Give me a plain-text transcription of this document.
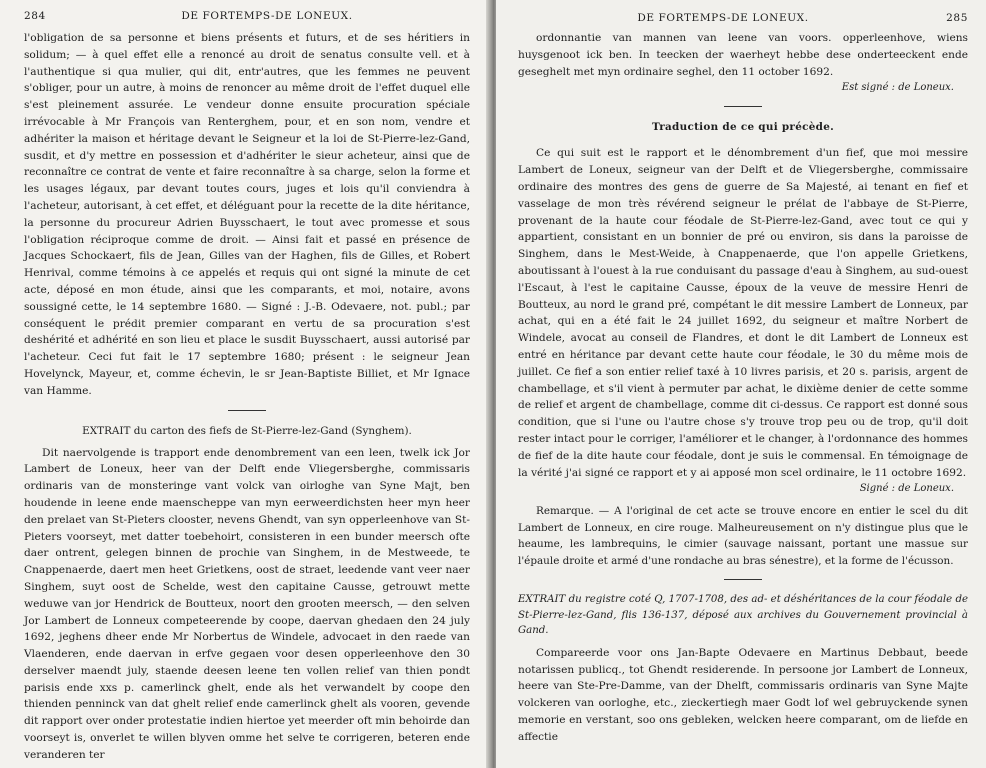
284	DE FORTEMPS-DE LONEUX.

l'obligation de sa personne et biens présents et futurs, et de ses héritiers in solidum; — à quel effet elle a renoncé au droit de senatus consulte vell. et à l'authentique si qua mulier, qui dit, entr'autres, que les femmes ne peuvent s'obliger, pour un autre, à moins de renoncer au même droit de l'effet duquel elle s'est pleinement assurée. Le vendeur donne ensuite procuration spéciale irrévocable à Mr François van Renterghem, pour, et en son nom, vendre et adhériter la maison et héritage devant le Seigneur et la loi de St-Pierre-lez-Gand, susdit, et d'y mettre en possession et d'adhériter le sieur acheteur, ainsi que de reconnaître ce contrat de vente et faire reconnaître à sa charge, selon la forme et les usages légaux, par devant toutes cours, juges et lois qu'il conviendra à l'acheteur, autorisant, à cet effet, et déléguant pour la recette de la dite héritance, la personne du procureur Adrien Buysschaert, le tout avec promesse et sous l'obligation réciproque comme de droit. — Ainsi fait et passé en présence de Jacques Schockaert, fils de Jean, Gilles van der Haghen, fils de Gilles, et Robert Henrival, comme témoins à ce appelés et requis qui ont signé la minute de cet acte, déposé en mon étude, ainsi que les comparants, et moi, notaire, avons soussigné cette, le 14 septembre 1680. — Signé : J.-B. Odevaere, not. publ.; par conséquent le prédit premier comparant en vertu de sa procuration s'est deshérité et adhérité en son lieu et place le susdit Buysschaert, aussi autorisé par l'acheteur. Ceci fut fait le 17 septembre 1680; présent : le seigneur Jean Hovelynck, Mayeur, et, comme échevin, le sr Jean-Baptiste Billiet, et Mr Ignace van Hamme.

EXTRAIT du carton des fiefs de St-Pierre-lez-Gand (Synghem).

Dit naervolgende is trapport ende denombrement van een leen, twelk ick Jor Lambert de Loneux, heer van der Delft ende Vliegersberghe, commissaris ordinaris van de monsteringe vant volck van oirloghe van Syne Majt, ben houdende in leene ende maenscheppe van myn eerweerdichsten heer myn heer den prelaet van St-Pieters clooster, nevens Ghendt, van syn opperleenhove van St-Pieters voorseyt, met datter toebehoirt, consisteren in een bunder meersch ofte daer ontrent, gelegen binnen de prochie van Singhem, in de Mestweede, te Cnappenaerde, daert men heet Grietkens, oost de straet, leedende vant veer naer Singhem, suyt oost de Schelde, west den capitaine Causse, getrouwt mette weduwe van jor Hendrick de Boutteux, noort den grooten meersch, — den selven Jor Lambert de Lonneux competeerende by coope, daervan ghedaen den 24 july 1692, jeghens dheer ende Mr Norbertus de Windele, advocaet in den raede van Vlaenderen, ende daervan in erfve gegaen voor desen opperleenhove den 30 derselver maendt july, staende deesen leene ten vollen relief van thien pondt parisis ende xxs p. camerlinck ghelt, ende als het verwandelt by coope den thienden penninck van dat ghelt relief ende camerlinck ghelt als vooren, gevende dit rapport over onder protestatie indien hiertoe yet meerder oft min behoirde dan voorseyt is, onverlet te willen blyven omme het selve te corrigeren, beteren ende veranderen ter

DE FORTEMPS-DE LONEUX.	285

ordonnantie van mannen van leene van voors. opperleenhove, wiens huysgenoot ick ben. In teecken der waerheyt hebbe dese onderteeckent ende geseghelt met myn ordinaire seghel, den 11 october 1692.

Est signé : de Loneux.
Traduction de ce qui précède.

Ce qui suit est le rapport et le dénombrement d'un fief, que moi messire Lambert de Loneux, seigneur van der Delft et de Vliegersberghe, commissaire ordinaire des montres des gens de guerre de Sa Majesté, ai tenant en fief et vasselage de mon très révérend seigneur le prélat de l'abbaye de St-Pierre, provenant de la haute cour féodale de St-Pierre-lez-Gand, avec tout ce qui y appartient, consistant en un bonnier de pré ou environ, sis dans la paroisse de Singhem, dans le Mest-Weide, à Cnappenaerde, que l'on appelle Grietkens, aboutissant à l'ouest à la rue conduisant du passage d'eau à Singhem, au sud-ouest l'Escaut, à l'est le capitaine Causse, époux de la veuve de messire Henri de Boutteux, au nord le grand pré, compétant le dit messire Lambert de Lonneux, par achat, qui en a été fait le 24 juillet 1692, du seigneur et maître Norbert de Windele, avocat au conseil de Flandres, et dont le dit Lambert de Lonneux est entré en héritance par devant cette haute cour féodale, le 30 du même mois de juillet. Ce fief a son entier relief taxé à 10 livres parisis, et 20 s. parisis, argent de chambellage, et s'il vient à permuter par achat, le dixième denier de cette somme de relief et argent de chambellage, comme dit ci-dessus. Ce rapport est donné sous condition, que si l'une ou l'autre chose s'y trouve trop peu ou de trop, qu'il doit rester intact pour le corriger, l'améliorer et le changer, à l'ordonnance des hommes de fief de la dite haute cour féodale, dont je suis le commensal. En témoignage de la vérité j'ai signé ce rapport et y ai apposé mon scel ordinaire, le 11 octobre 1692.

Signé : de Loneux.
Remarque. — A l'original de cet acte se trouve encore en entier le scel du dit Lambert de Lonneux, en cire rouge. Malheureusement on n'y distingue plus que le heaume, les lambrequins, le cimier (sauvage naissant, portant une massue sur l'épaule droite et armé d'une rondache au bras sénestre), et la forme de l'écusson.
EXTRAIT du registre coté Q, 1707-1708, des ad- et déshéritances de la cour féodale de St-Pierre-lez-Gand, flis 136-137, déposé aux archives du Gouvernement provincial à Gand.

Compareerde voor ons Jan-Bapte Odevaere en Martinus Debbaut, beede notarissen publicq., tot Ghendt residerende. In persoone jor Lambert de Lonneux, heere van Ste-Pre-Damme, van der Dhelft, commissaris ordinaris van Syne Majte volckeren van oorloghe, etc., zieckertiegh maer Godt lof wel gebruyckende synen memorie en verstant, soo ons gebleken, welcken heere comparant, om de liefde en affectie
